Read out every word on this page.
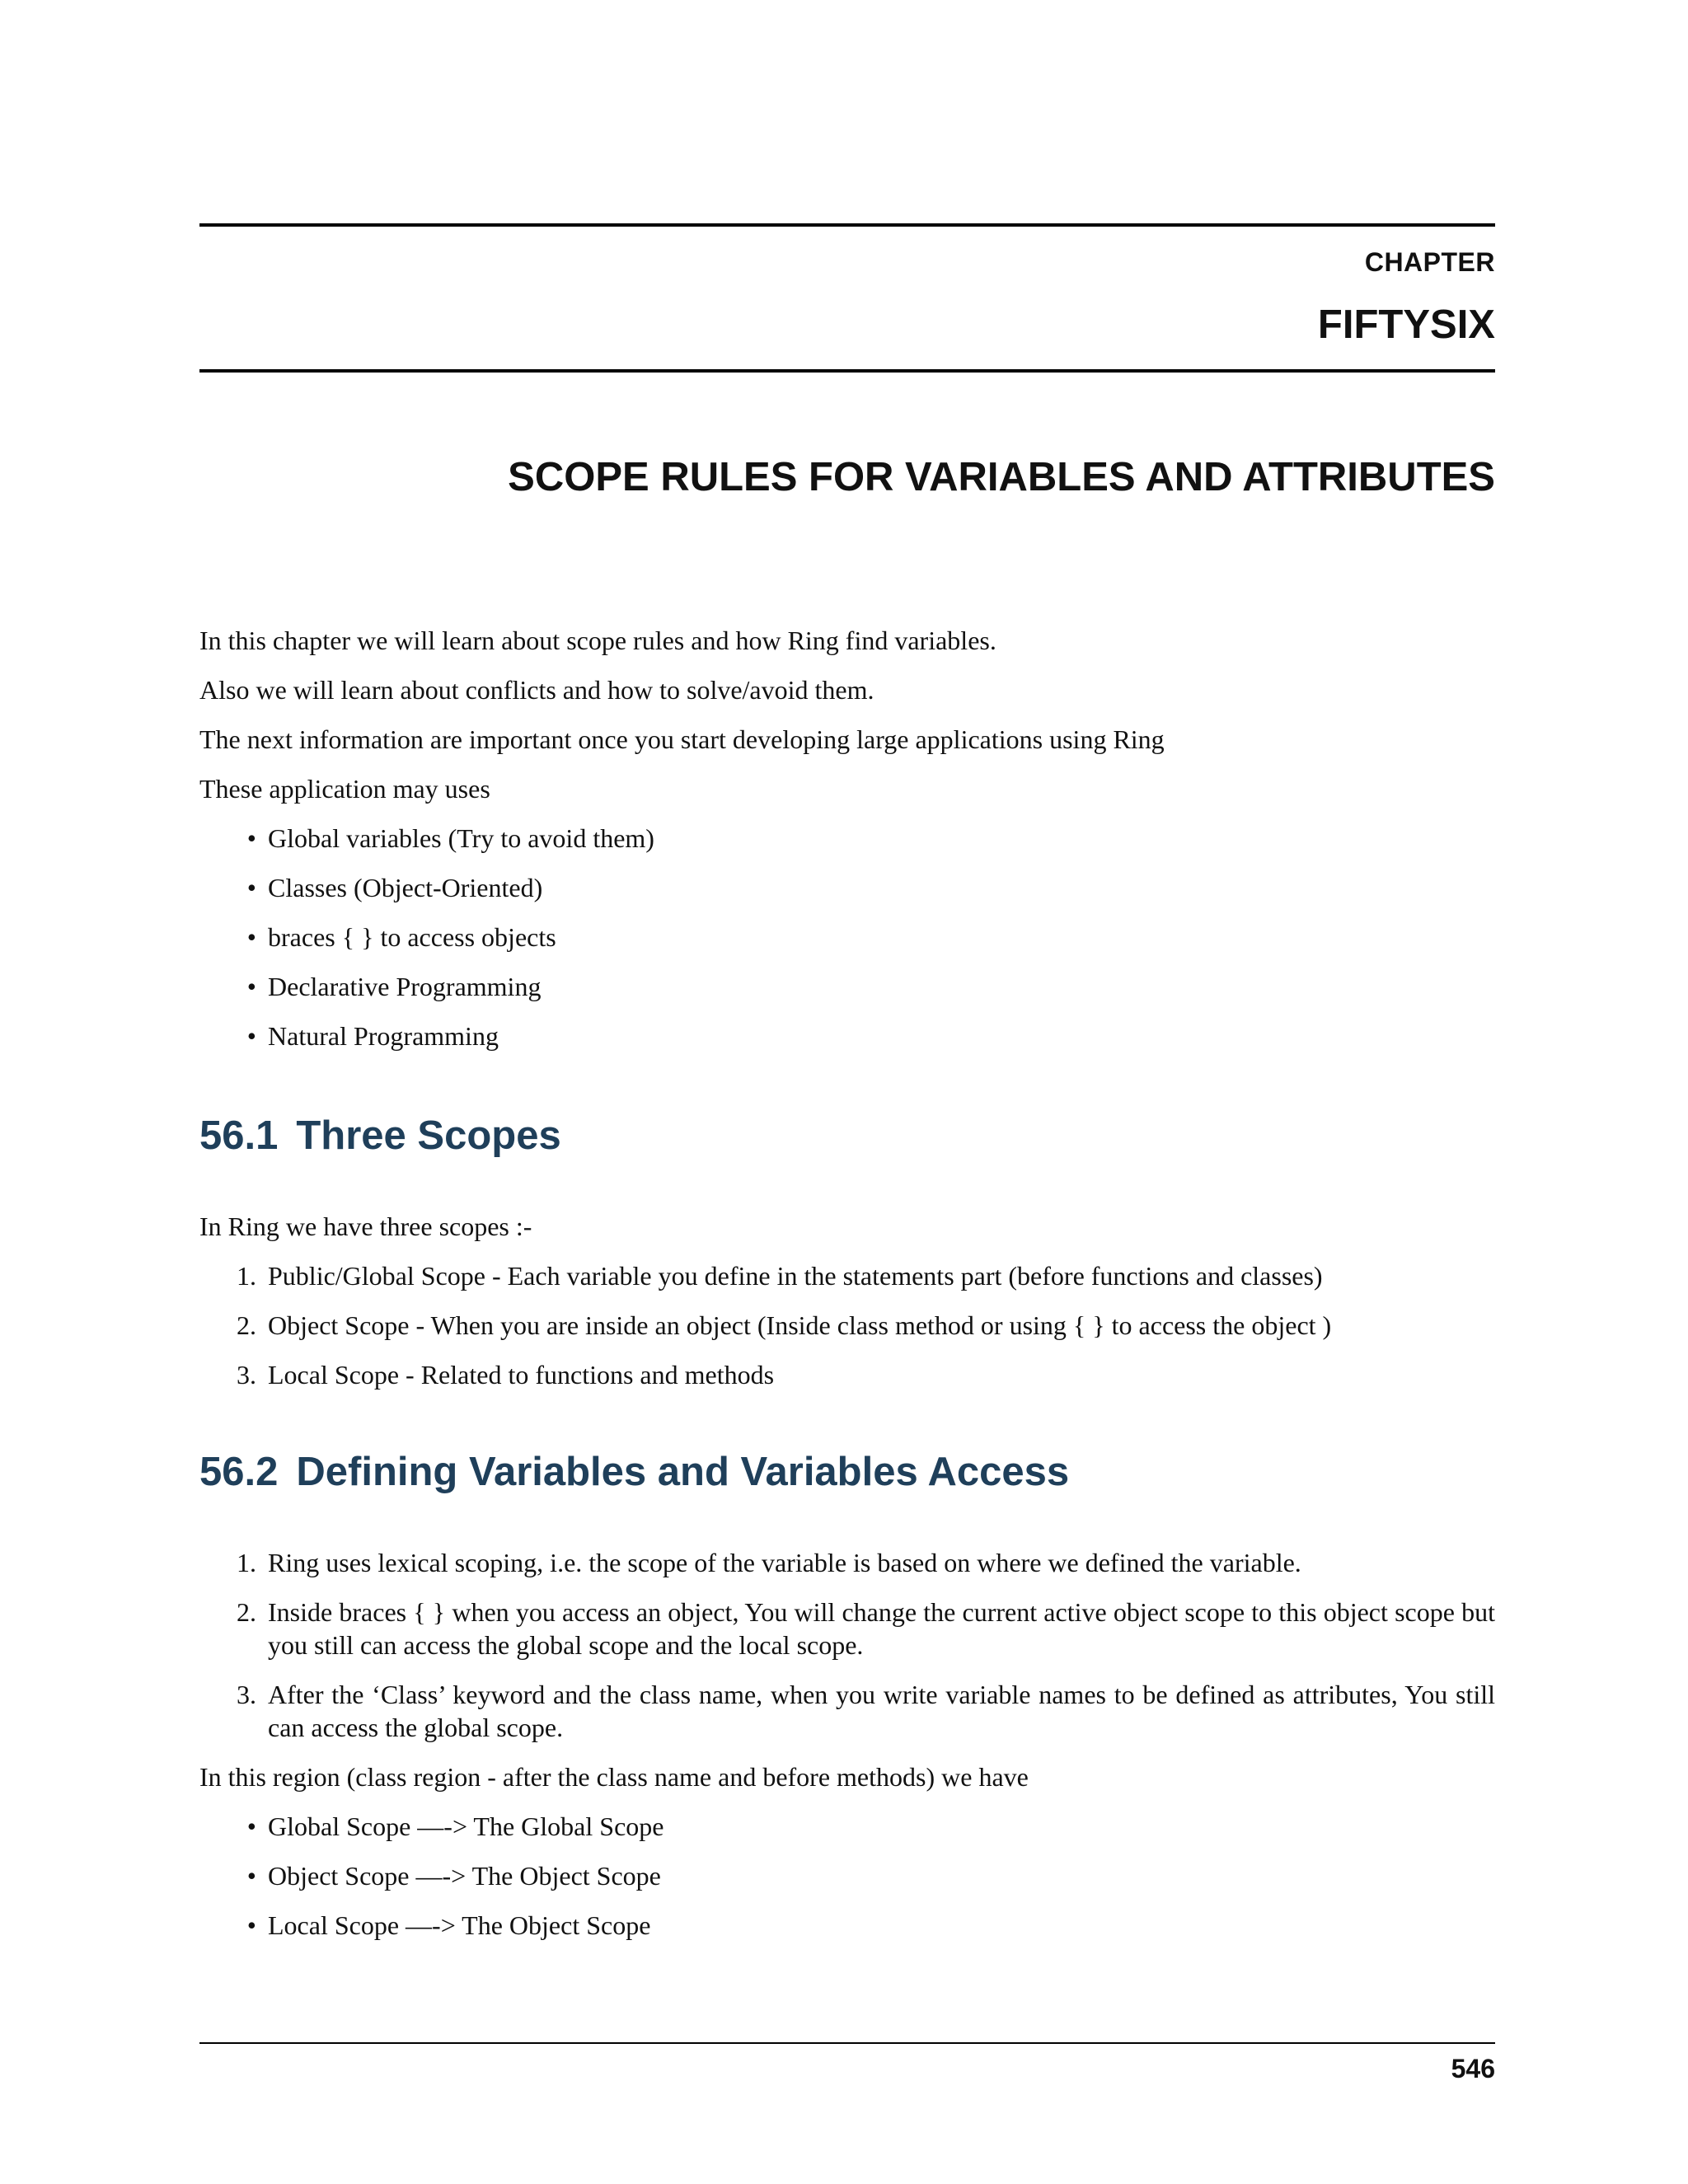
CHAPTER

FIFTYSIX

SCOPE RULES FOR VARIABLES AND ATTRIBUTES

In this chapter we will learn about scope rules and how Ring find variables.

Also we will learn about conflicts and how to solve/avoid them.

The next information are important once you start developing large applications using Ring

These application may uses

• Global variables (Try to avoid them)

• Classes (Object-Oriented)

• braces { } to access objects

• Declarative Programming

• Natural Programming

56.1 Three Scopes

In Ring we have three scopes :-

1. Public/Global Scope - Each variable you define in the statements part (before functions and classes)

2. Object Scope - When you are inside an object (Inside class method or using { } to access the object )

3. Local Scope - Related to functions and methods

56.2 Defining Variables and Variables Access

1. Ring uses lexical scoping, i.e. the scope of the variable is based on where we defined the variable.

2. Inside braces { } when you access an object, You will change the current active object scope to this object scope but you still can access the global scope and the local scope.

3. After the ‘Class’ keyword and the class name, when you write variable names to be defined as attributes, You still can access the global scope.

In this region (class region - after the class name and before methods) we have

• Global Scope —-> The Global Scope

• Object Scope —-> The Object Scope

• Local Scope —-> The Object Scope

546
